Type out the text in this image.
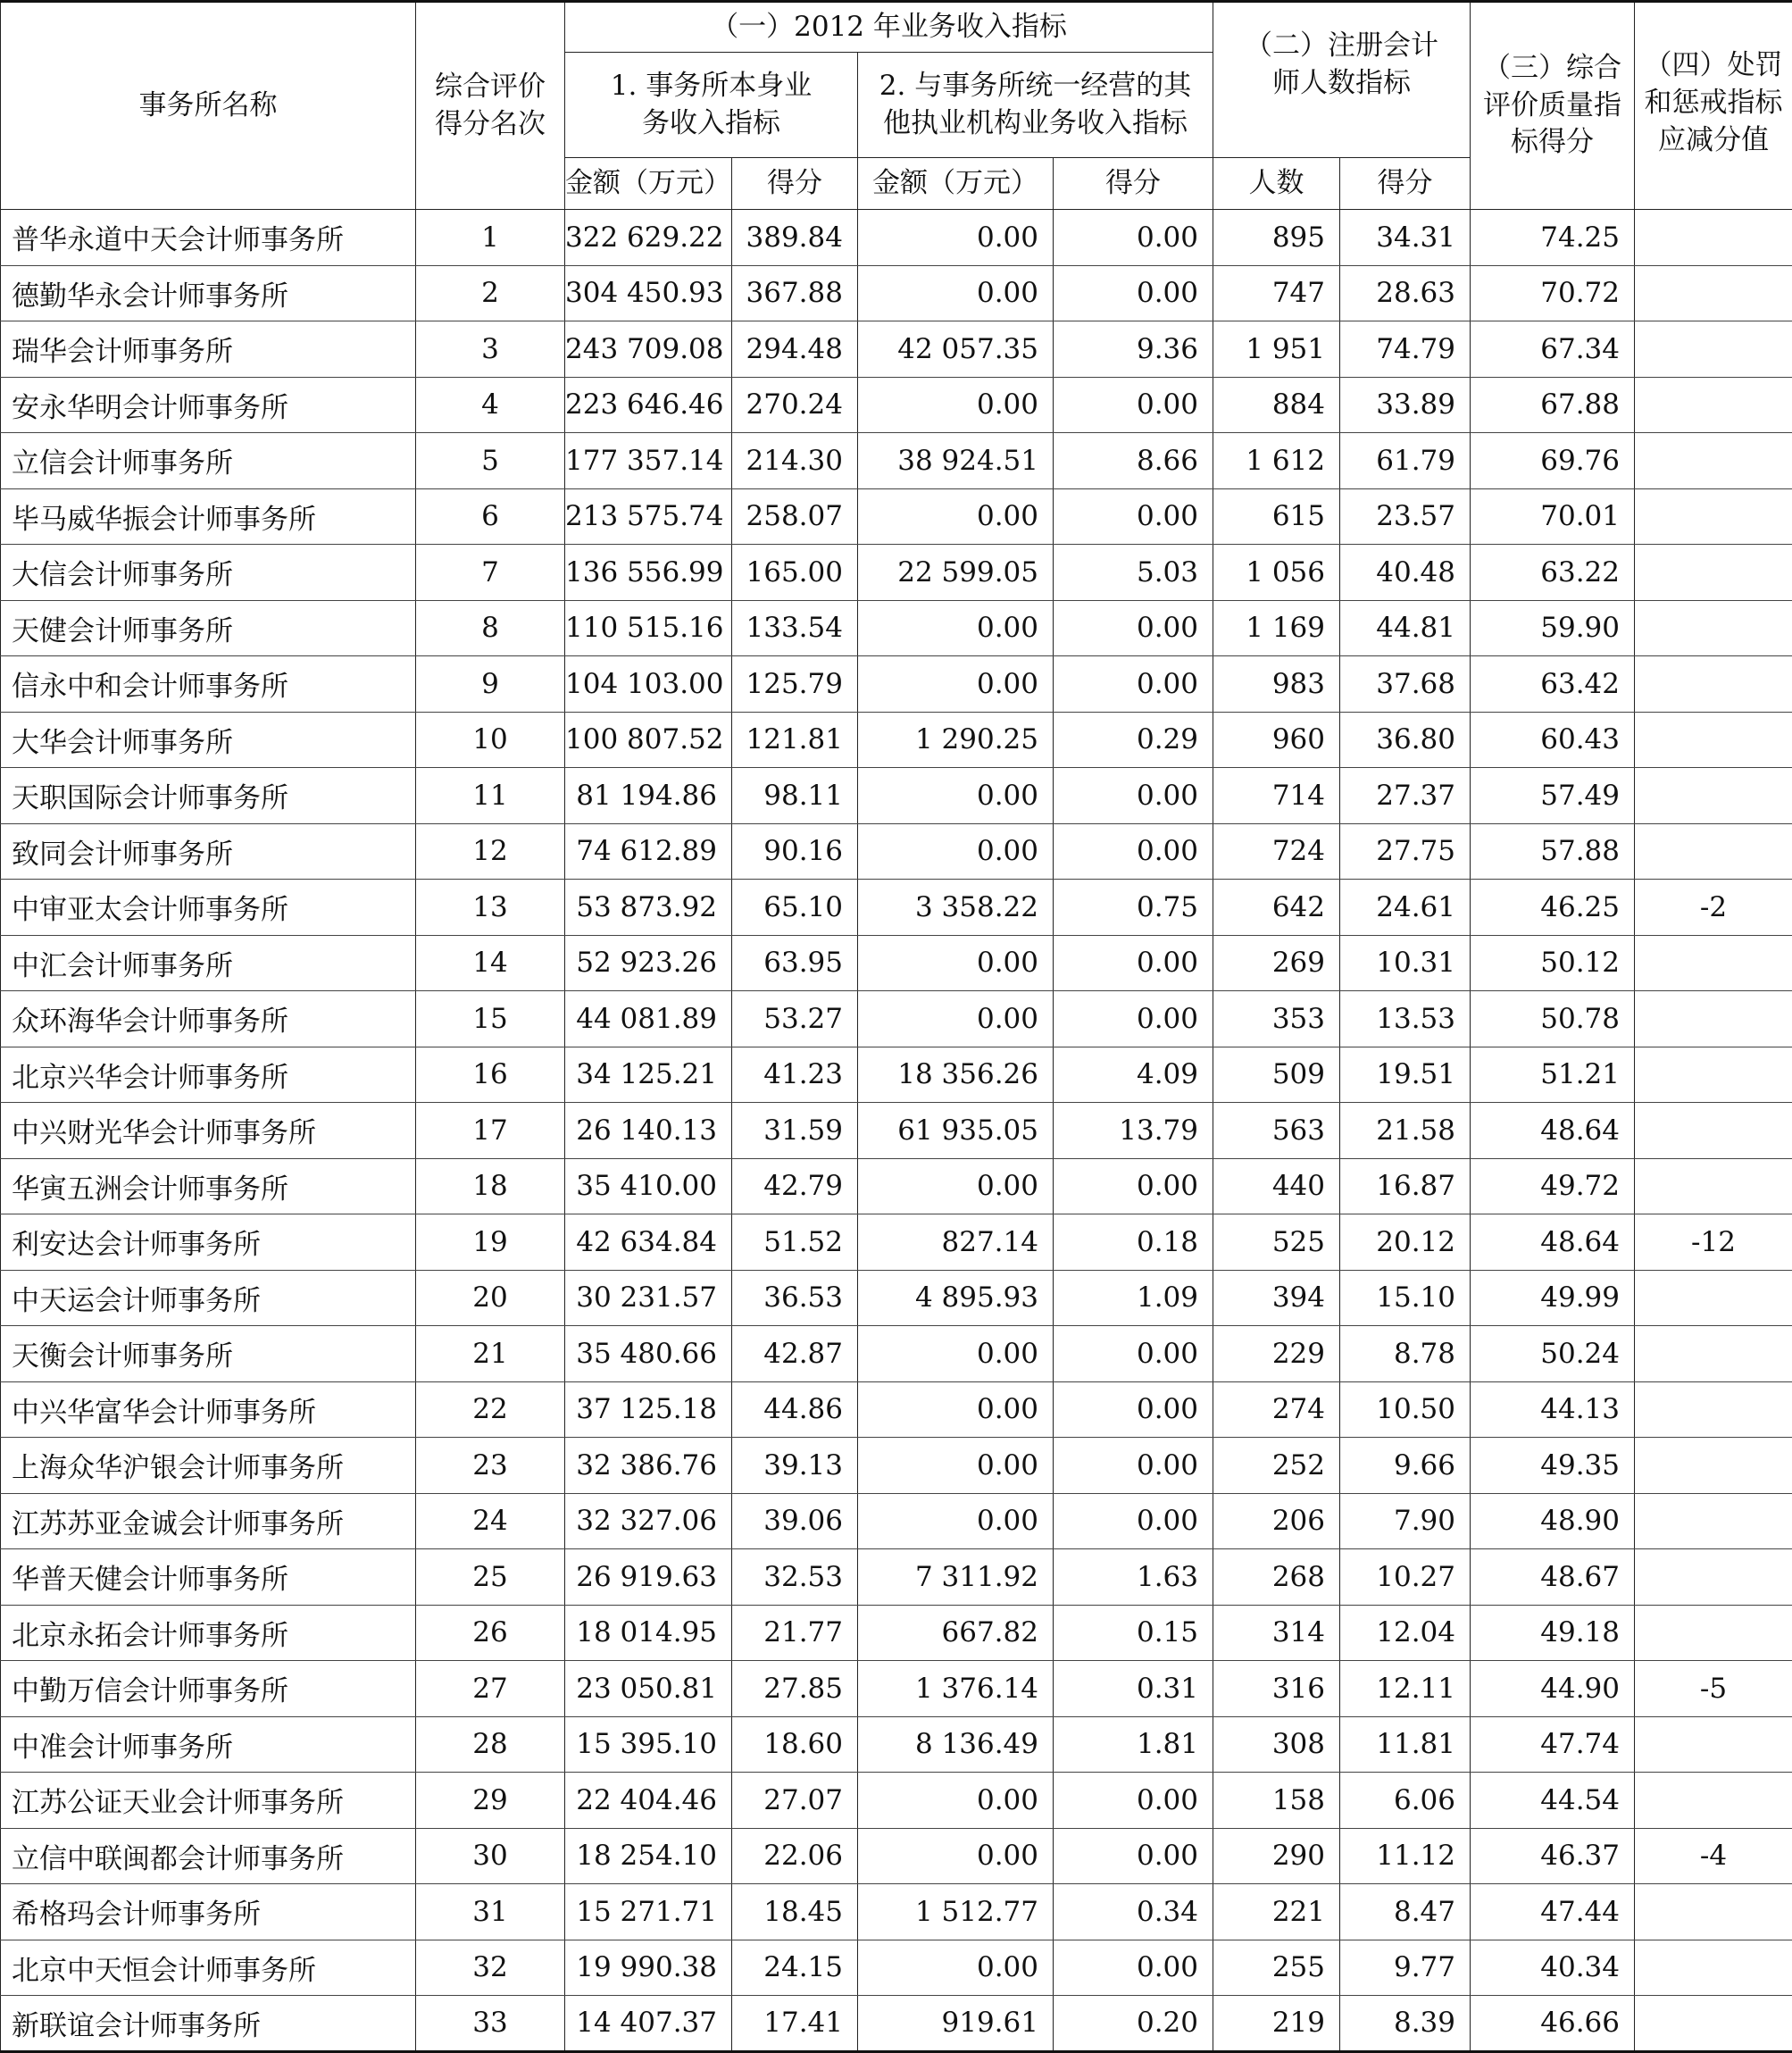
事务所名称	综合评价得分名次	（一）2012 年业务收入指标				（二）注册会计师人数指标		（三）综合评价质量指标得分	（四）处罚和惩戒指标应减分值
		1. 事务所本身业务收入指标		2. 与事务所统一经营的其他执业机构业务收入指标					
		金额（万元）	得分	金额（万元）	得分	人数	得分		
普华永道中天会计师事务所	1	322 629.22	389.84	0.00	0.00	895	34.31	74.25	
德勤华永会计师事务所	2	304 450.93	367.88	0.00	0.00	747	28.63	70.72	
瑞华会计师事务所	3	243 709.08	294.48	42 057.35	9.36	1 951	74.79	67.34	
安永华明会计师事务所	4	223 646.46	270.24	0.00	0.00	884	33.89	67.88	
立信会计师事务所	5	177 357.14	214.30	38 924.51	8.66	1 612	61.79	69.76	
毕马威华振会计师事务所	6	213 575.74	258.07	0.00	0.00	615	23.57	70.01	
大信会计师事务所	7	136 556.99	165.00	22 599.05	5.03	1 056	40.48	63.22	
天健会计师事务所	8	110 515.16	133.54	0.00	0.00	1 169	44.81	59.90	
信永中和会计师事务所	9	104 103.00	125.79	0.00	0.00	983	37.68	63.42	
大华会计师事务所	10	100 807.52	121.81	1 290.25	0.29	960	36.80	60.43	
天职国际会计师事务所	11	81 194.86	98.11	0.00	0.00	714	27.37	57.49	
致同会计师事务所	12	74 612.89	90.16	0.00	0.00	724	27.75	57.88	
中审亚太会计师事务所	13	53 873.92	65.10	3 358.22	0.75	642	24.61	46.25	-2
中汇会计师事务所	14	52 923.26	63.95	0.00	0.00	269	10.31	50.12	
众环海华会计师事务所	15	44 081.89	53.27	0.00	0.00	353	13.53	50.78	
北京兴华会计师事务所	16	34 125.21	41.23	18 356.26	4.09	509	19.51	51.21	
中兴财光华会计师事务所	17	26 140.13	31.59	61 935.05	13.79	563	21.58	48.64	
华寅五洲会计师事务所	18	35 410.00	42.79	0.00	0.00	440	16.87	49.72	
利安达会计师事务所	19	42 634.84	51.52	827.14	0.18	525	20.12	48.64	-12
中天运会计师事务所	20	30 231.57	36.53	4 895.93	1.09	394	15.10	49.99	
天衡会计师事务所	21	35 480.66	42.87	0.00	0.00	229	8.78	50.24	
中兴华富华会计师事务所	22	37 125.18	44.86	0.00	0.00	274	10.50	44.13	
上海众华沪银会计师事务所	23	32 386.76	39.13	0.00	0.00	252	9.66	49.35	
江苏苏亚金诚会计师事务所	24	32 327.06	39.06	0.00	0.00	206	7.90	48.90	
华普天健会计师事务所	25	26 919.63	32.53	7 311.92	1.63	268	10.27	48.67	
北京永拓会计师事务所	26	18 014.95	21.77	667.82	0.15	314	12.04	49.18	
中勤万信会计师事务所	27	23 050.81	27.85	1 376.14	0.31	316	12.11	44.90	-5
中准会计师事务所	28	15 395.10	18.60	8 136.49	1.81	308	11.81	47.74	
江苏公证天业会计师事务所	29	22 404.46	27.07	0.00	0.00	158	6.06	44.54	
立信中联闽都会计师事务所	30	18 254.10	22.06	0.00	0.00	290	11.12	46.37	-4
希格玛会计师事务所	31	15 271.71	18.45	1 512.77	0.34	221	8.47	47.44	
北京中天恒会计师事务所	32	19 990.38	24.15	0.00	0.00	255	9.77	40.34	
新联谊会计师事务所	33	14 407.37	17.41	919.61	0.20	219	8.39	46.66	
